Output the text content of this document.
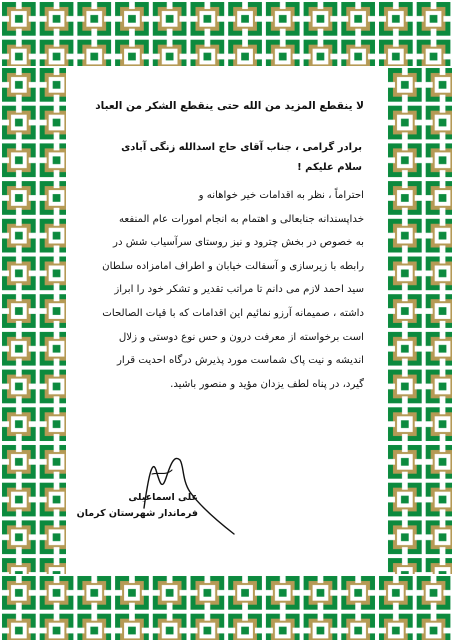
لا ينقطع المزيد من الله حتی ينقطع الشكر من العباد
برادر گرامی ، جناب آقای حاج اسدالله زنگی آبادی
سلام علیکم !
احتراماً ، نظر به اقدامات خیر خواهانه و
خداپسندانه جنابعالی و اهتمام به انجام امورات عام المنفعه
به خصوص در بخش چترود و نیز روستای سرآسیاب شش در
رابطه با زیرسازی و آسفالت خیابان و اطراف امامزاده سلطان
سید احمد لازم می دانم تا مراتب تقدیر و تشکر خود را ابراز
داشته ، صمیمانه آرزو نمائیم این اقدامات که با قیات الصالحات
است برخواسته از معرفت درون و حس نوع دوستی و زلال
اندیشه و نیت پاک شماست مورد پذیرش درگاه احدیت قرار
گیرد، در پناه لطف یزدان مؤید و منصور باشید.
علی اسماعیلی
فرماندار شهرستان کرمان
